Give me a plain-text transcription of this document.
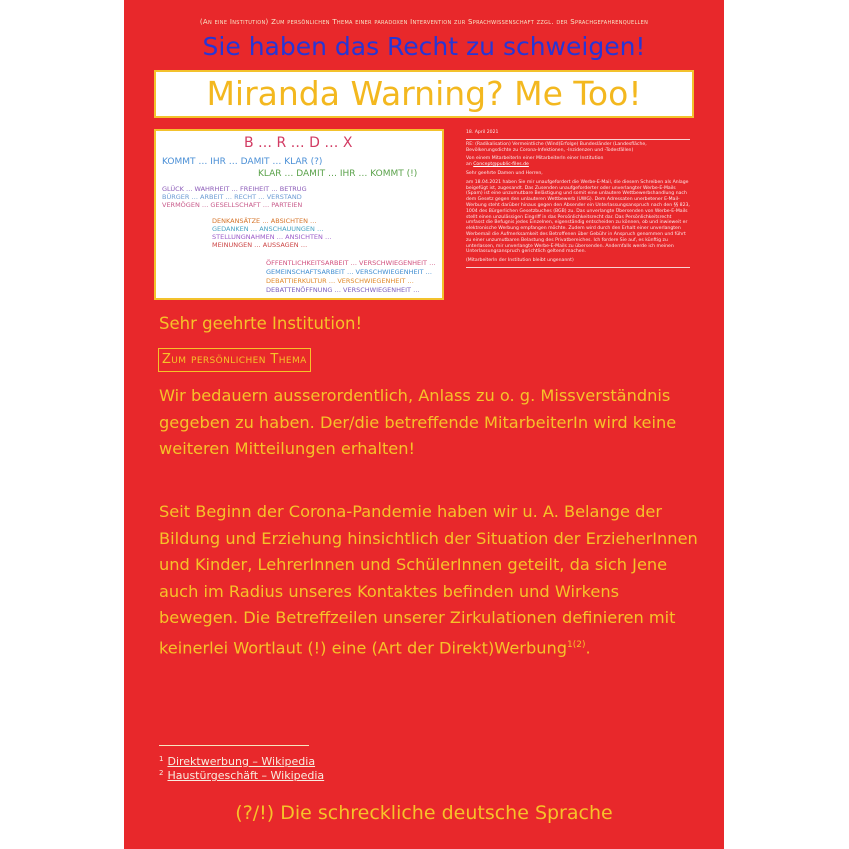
(An eine Institution) Zum persönlichen Thema einer paradoxen Intervention zur Sprachwissenschaft zzgl. der Sprachgefahrenquellen
Sie haben das Recht zu schweigen!
Miranda Warning? Me Too!
B … R … D … X
KOMMT … IHR … DAMIT … KLAR (?)
KLAR … DAMIT … IHR … KOMMT (!)
GLÜCK … WAHRHEIT … FREIHEIT … BETRUG
BÜRGER … ARBEIT … RECHT … VERSTAND
VERMÖGEN … GESELLSCHAFT … PARTEIEN
DENKANSÄTZE … ABSICHTEN …
GEDANKEN … ANSCHAUUNGEN …
STELLUNGNAHMEN … ANSICHTEN …
MEINUNGEN … AUSSAGEN …
ÖFFENTLICHKEITSARBEIT … VERSCHWIEGENHEIT …
GEMEINSCHAFTSARBEIT … VERSCHWIEGENHEIT …
DEBATTIERKULTUR … VERSCHWIEGENHEIT …
DEBATTENÖFFNUNG … VERSCHWIEGENHEIT …

18. April 2021

RE: (Radikalisation) Vermeintliche (Wind)Erfolge) Bundesländer (Landesfläche, Bevölkerungsdichte zu Corona-Infektionen, -Inzidenzen und -Todesfällen)

Von einem MitarbeiterIn einer MitarbeiterIn einer Institution
an Concept@public-files.de

Sehr geehrte Damen und Herren,

am 18.04.2021 haben Sie mir unaufgefordert die Werbe-E-Mail, die diesem Schreiben als Anlage beigefügt ist, zugesandt. Das Zusenden unaufgeforderter oder unverlangter Werbe-E-Mails (Spam) ist eine unzumutbare Belästigung und somit eine unlautere Wettbewerbshandlung nach dem Gesetz gegen den unlauteren Wettbewerb (UWG). Dem Adressaten unerbetener E-Mail-Werbung steht darüber hinaus gegen den Absender ein Unterlassungsanspruch nach den §§ 823, 1004 des Bürgerlichen Gesetzbuches (BGB) zu. Das unverlangte Übersenden von Werbe-E-Mails stellt einen unzulässigen Eingriff in das Persönlichkeitsrecht dar. Das Persönlichkeitsrecht umfasst die Befugnis jedes Einzelnen, eigenständig entscheiden zu können, ob und inwieweit er elektronische Werbung empfangen möchte. Zudem wird durch den Erhalt einer unverlangten Werbemail die Aufmerksamkeit des Betroffenen über Gebühr in Anspruch genommen und führt zu einer unzumutbaren Belastung des Privatbereiches. Ich fordere Sie auf, es künftig zu unterlassen, mir unverlangte Werbe-E-Mails zu übersenden. Andernfalls werde ich meinen Unterlassungsanspruch gerichtlich geltend machen.

(MitarbeiterIn der Institution bleibt ungenannt)

Sehr geehrte Institution!
Zum persönlichen Thema
Wir bedauern ausserordentlich, Anlass zu o. g. Missverständnis gegeben zu haben. Der/die betreffende MitarbeiterIn wird keine weiteren Mitteilungen erhalten!
Seit Beginn der Corona-Pandemie haben wir u. A. Belange der Bildung und Erziehung hinsichtlich der Situation der ErzieherInnen und Kinder, LehrerInnen und SchülerInnen geteilt, da sich Jene auch im Radius unseres Kontaktes befinden und Wirkens bewegen. Die Betreffzeilen unserer Zirkulationen definieren mit keinerlei Wortlaut (!) eine (Art der Direkt)Werbung$^{1(2)}$.
$^1$ Direktwerbung – Wikipedia
$^2$ Haustürgeschäft – Wikipedia
(?/!) Die schreckliche deutsche Sprache
